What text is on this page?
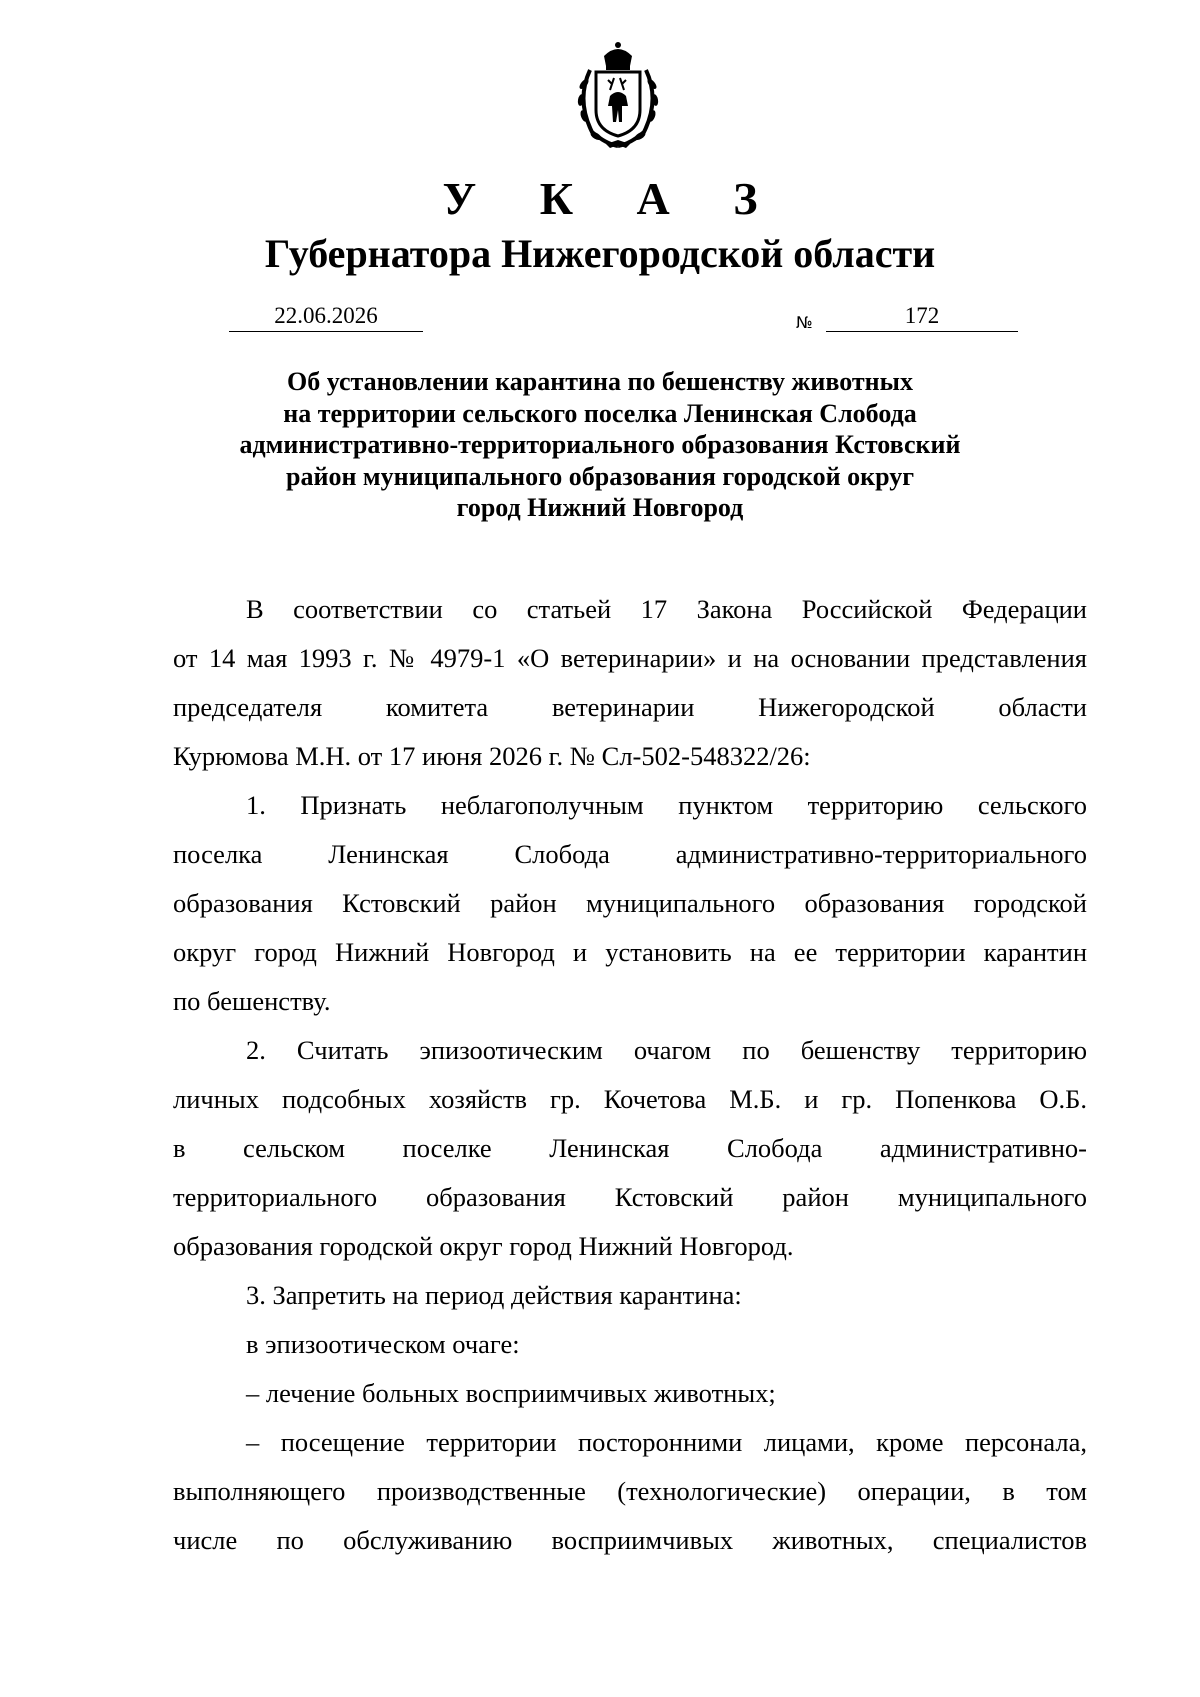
У К А З
Губернатора Нижегородской области
22.06.2026	№	172
Об установлении карантина по бешенству животных
на территории сельского поселка Ленинская Слобода
административно-территориального образования Кстовский
район муниципального образования городской округ
город Нижний Новгород

В соответствии со статьей 17 Закона Российской Федерации

от 14 мая 1993 г. № 4979-1 «О ветеринарии» и на основании представления

председателя комитета ветеринарии Нижегородской области

Курюмова М.Н. от 17 июня 2026 г. № Сл-502-548322/26:

1. Признать неблагополучным пунктом территорию сельского

поселка Ленинская Слобода административно-территориального

образования Кстовский район муниципального образования городской

округ город Нижний Новгород и установить на ее территории карантин

по бешенству.

2. Считать эпизоотическим очагом по бешенству территорию

личных подсобных хозяйств гр. Кочетова М.Б. и гр. Попенкова О.Б.

в сельском поселке Ленинская Слобода административно-

территориального образования Кстовский район муниципального

образования городской округ город Нижний Новгород.

3. Запретить на период действия карантина:

в эпизоотическом очаге:

– лечение больных восприимчивых животных;

– посещение территории посторонними лицами, кроме персонала,

выполняющего производственные (технологические) операции, в том

числе по обслуживанию восприимчивых животных, специалистов
